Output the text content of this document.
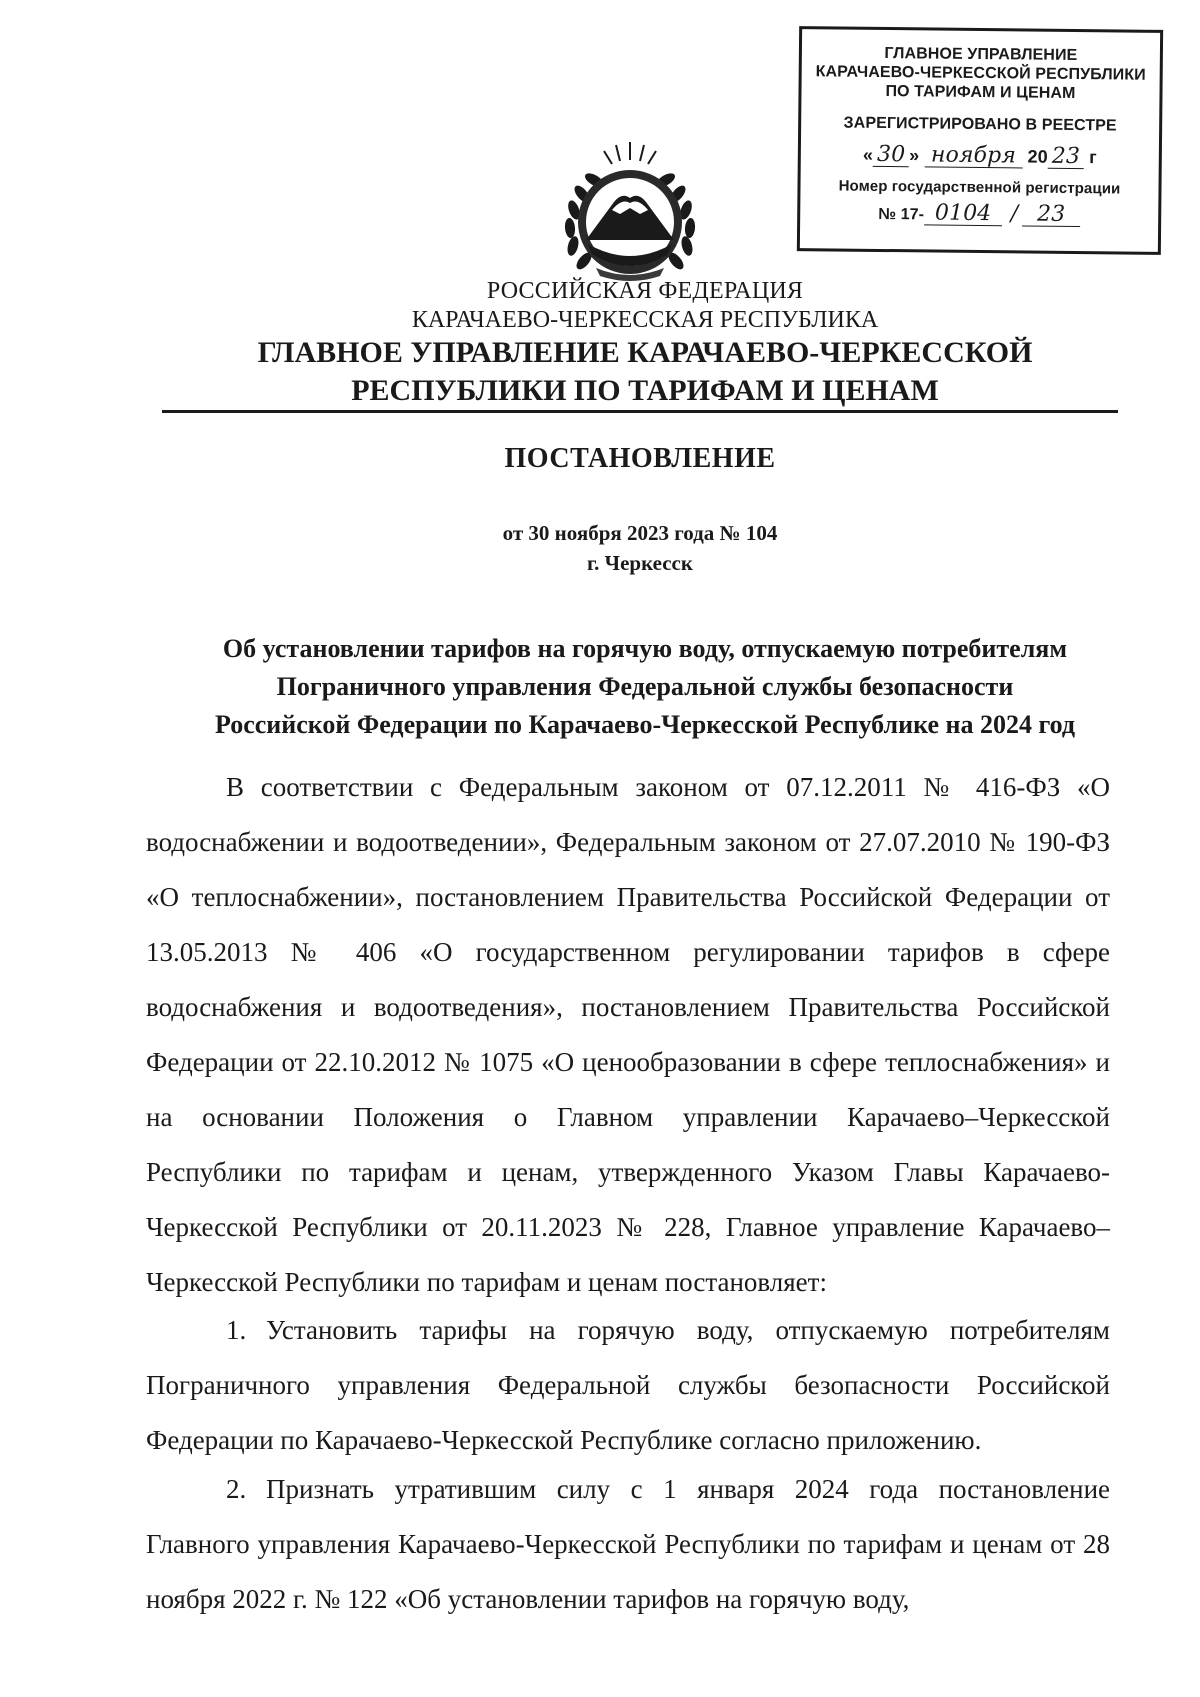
ГЛАВНОЕ УПРАВЛЕНИЕ
КАРАЧАЕВО-ЧЕРКЕССКОЙ РЕСПУБЛИКИ
ПО ТАРИФАМ И ЦЕНАМ
ЗАРЕГИСТРИРОВАНО В РЕЕСТРЕ
« 30 » ноября 20 23 г
Номер государственной регистрации
№ 17- 0104 / 23
РОССИЙСКАЯ ФЕДЕРАЦИЯ
КАРАЧАЕВО-ЧЕРКЕССКАЯ РЕСПУБЛИКА
ГЛАВНОЕ УПРАВЛЕНИЕ КАРАЧАЕВО-ЧЕРКЕССКОЙ
РЕСПУБЛИКИ ПО ТАРИФАМ И ЦЕНАМ
ПОСТАНОВЛЕНИЕ
от 30 ноября 2023 года № 104
г. Черкесск
Об установлении тарифов на горячую воду, отпускаемую потребителям
Пограничного управления Федеральной службы безопасности
Российской Федерации по Карачаево-Черкесской Республике на 2024 год

В соответствии с Федеральным законом от 07.12.2011 № 416-ФЗ «О водоснабжении и водоотведении», Федеральным законом от 27.07.2010 № 190-ФЗ «О теплоснабжении», постановлением Правительства Российской Федерации от 13.05.2013 № 406 «О государственном регулировании тарифов в сфере водоснабжения и водоотведения», постановлением Правительства Российской Федерации от 22.10.2012 № 1075 «О ценообразовании в сфере теплоснабжения» и на основании Положения о Главном управлении Карачаево–Черкесской Республики по тарифам и ценам, утвержденного Указом Главы Карачаево-Черкесской Республики от 20.11.2023 № 228, Главное управление Карачаево–Черкесской Республики по тарифам и ценам постановляет:

1. Установить тарифы на горячую воду, отпускаемую потребителям Пограничного управления Федеральной службы безопасности Российской Федерации по Карачаево-Черкесской Республике согласно приложению.

2. Признать утратившим силу с 1 января 2024 года постановление Главного управления Карачаево-Черкесской Республики по тарифам и ценам от 28 ноября 2022 г. № 122 «Об установлении тарифов на горячую воду,
